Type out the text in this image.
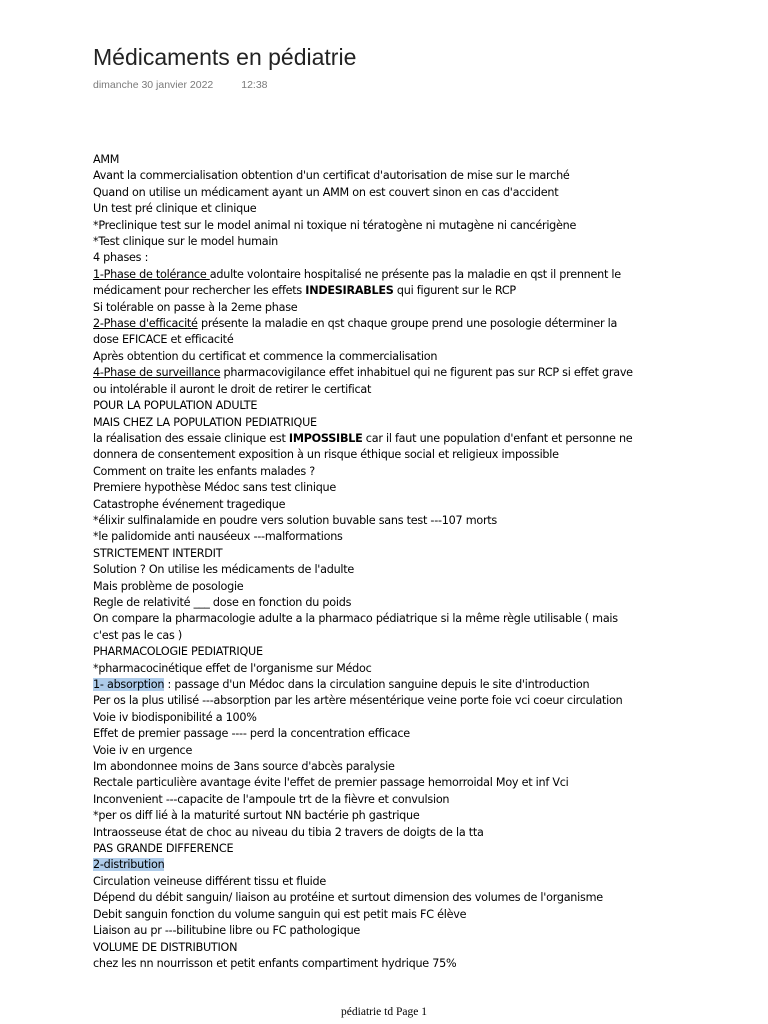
Médicaments en pédiatrie
dimanche 30 janvier 2022	12:38
AMM
Avant la commercialisation obtention d'un certificat d'autorisation de mise sur le marché
Quand on utilise un médicament ayant un AMM on est couvert sinon en cas d'accident
Un test pré clinique et clinique
*Preclinique test sur le model animal ni toxique ni tératogène ni mutagène ni cancérigène
*Test clinique sur le model humain
4 phases :
1-Phase de tolérance adulte volontaire hospitalisé ne présente pas la maladie en qst il prennent le
médicament pour rechercher les effets INDESIRABLES qui figurent sur le RCP
Si tolérable on passe à la 2eme phase
2-Phase d'efficacité présente la maladie en qst chaque groupe prend une posologie déterminer la
dose EFICACE et efficacité
Après obtention du certificat et commence la commercialisation
4-Phase de surveillance pharmacovigilance effet inhabituel qui ne figurent pas sur RCP si effet grave
ou intolérable il auront le droit de retirer le certificat
POUR LA POPULATION ADULTE
MAIS CHEZ LA POPULATION PEDIATRIQUE
la réalisation des essaie clinique est IMPOSSIBLE car il faut une population d'enfant et personne ne
donnera de consentement exposition à un risque éthique social et religieux impossible
Comment on traite les enfants malades ?
Premiere hypothèse Médoc sans test clinique
Catastrophe événement tragedique
*élixir sulfinalamide en poudre vers solution buvable sans test ---107 morts
*le palidomide anti nauséeux ---malformations
STRICTEMENT INTERDIT
Solution ? On utilise les médicaments de l'adulte
Mais problème de posologie
Regle de relativité ___ dose en fonction du poids
On compare la pharmacologie adulte a la pharmaco pédiatrique si la même règle utilisable ( mais
c'est pas le cas )
PHARMACOLOGIE PEDIATRIQUE
*pharmacocinétique effet de l'organisme sur Médoc
1- absorption : passage d'un Médoc dans la circulation sanguine depuis le site d'introduction
Per os la plus utilisé ---absorption par les artère mésentérique veine porte foie vci coeur circulation
Voie iv biodisponibilité a 100%
Effet de premier passage ---- perd la concentration efficace
Voie iv en urgence
Im abondonnee moins de 3ans source d'abcès paralysie
Rectale particulière avantage évite l'effet de premier passage hemorroidal Moy et inf Vci
Inconvenient ---capacite de l'ampoule trt de la fièvre et convulsion
*per os diff lié à la maturité surtout NN bactérie ph gastrique
Intraosseuse état de choc au niveau du tibia 2 travers de doigts de la tta
PAS GRANDE DIFFERENCE
2-distribution
Circulation veineuse différent tissu et fluide
Dépend du débit sanguin/ liaison au protéine et surtout dimension des volumes de l'organisme
Debit sanguin fonction du volume sanguin qui est petit mais FC élève
Liaison au pr ---bilitubine libre ou FC pathologique
VOLUME DE DISTRIBUTION
chez les nn nourrisson et petit enfants compartiment hydrique 75%
pédiatrie td Page 1
